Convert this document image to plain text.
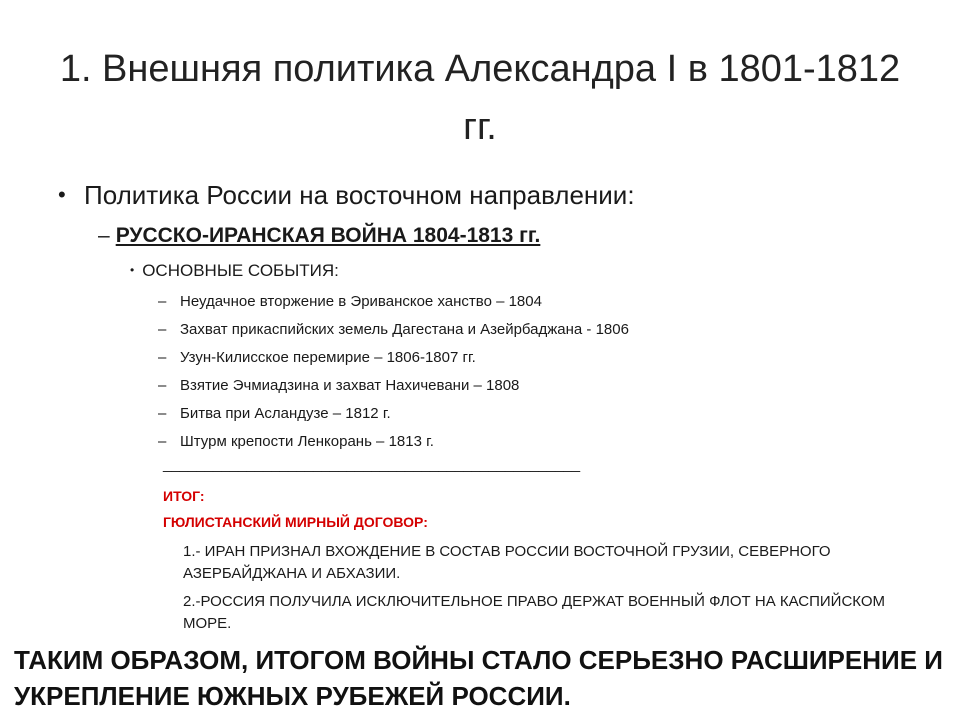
1. Внешняя политика Александра I в 1801-1812 гг.
• Политика России на восточном направлении:
– РУССКО-ИРАНСКАЯ ВОЙНА 1804-1813 гг.
• ОСНОВНЫЕ СОБЫТИЯ:
– Неудачное вторжение в Эриванское ханство – 1804
– Захват прикаспийских земель Дагестана и Азейрбаджана - 1806
– Узун-Килисское перемирие – 1806-1807 гг.
– Взятие Эчмиадзина и захват Нахичевани – 1808
– Битва при Асландузе – 1812 г.
– Штурм крепости Ленкорань – 1813 г.
__________________________________________________
ИТОГ:
ГЮЛИСТАНСКИЙ МИРНЫЙ ДОГОВОР:
1.- ИРАН ПРИЗНАЛ ВХОЖДЕНИЕ В СОСТАВ РОССИИ ВОСТОЧНОЙ ГРУЗИИ, СЕВЕРНОГО АЗЕРБАЙДЖАНА И АБХАЗИИ.
2.-РОССИЯ ПОЛУЧИЛА ИСКЛЮЧИТЕЛЬНОЕ ПРАВО ДЕРЖАТ ВОЕННЫЙ ФЛОТ НА КАСПИЙСКОМ МОРЕ.
ТАКИМ ОБРАЗОМ, ИТОГОМ ВОЙНЫ СТАЛО СЕРЬЕЗНО РАСШИРЕНИЕ И УКРЕПЛЕНИЕ ЮЖНЫХ РУБЕЖЕЙ РОССИИ.
